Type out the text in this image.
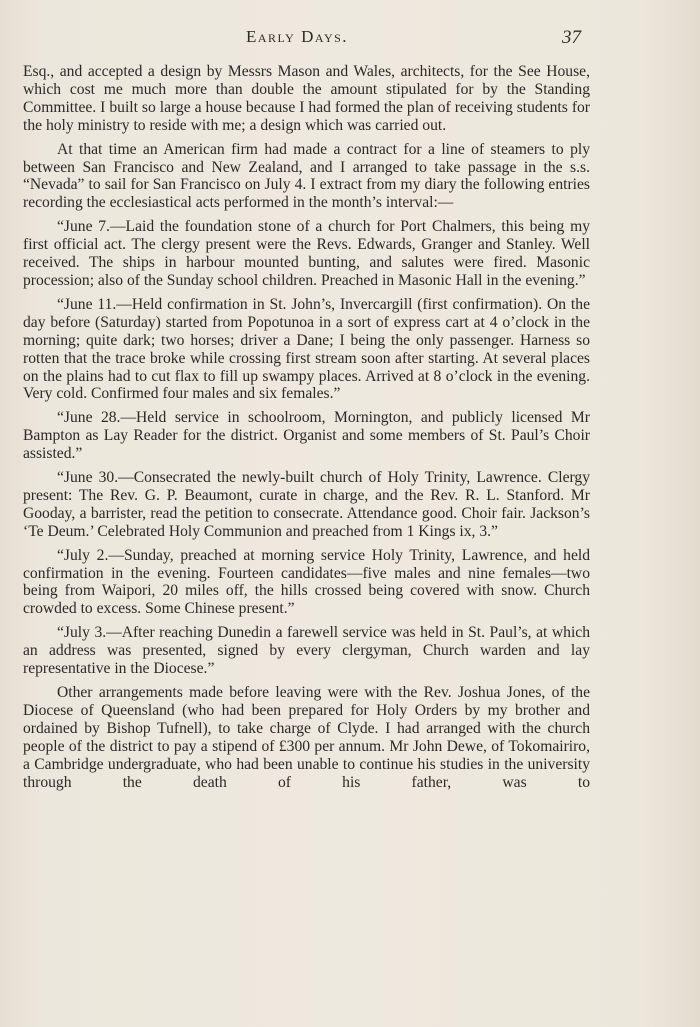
Early Days.	37

Esq., and accepted a design by Messrs Mason and Wales, architects, for the See House, which cost me much more than double the amount stipulated for by the Standing Committee. I built so large a house because I had formed the plan of receiving students for the holy ministry to reside with me; a design which was carried out.

At that time an American firm had made a contract for a line of steamers to ply between San Francisco and New Zealand, and I arranged to take passage in the s.s. “Nevada” to sail for San Francisco on July 4. I extract from my diary the following entries recording the ecclesiastical acts performed in the month’s interval:—

“June 7.—Laid the foundation stone of a church for Port Chalmers, this being my first official act. The clergy present were the Revs. Edwards, Granger and Stanley. Well received. The ships in harbour mounted bunting, and salutes were fired. Masonic procession; also of the Sunday school children. Preached in Masonic Hall in the evening.”

“June 11.—Held confirmation in St. John’s, Invercargill (first confirmation). On the day before (Saturday) started from Popotunoa in a sort of express cart at 4 o’clock in the morning; quite dark; two horses; driver a Dane; I being the only passenger. Harness so rotten that the trace broke while crossing first stream soon after starting. At several places on the plains had to cut flax to fill up swampy places. Arrived at 8 o’clock in the evening. Very cold. Confirmed four males and six females.”

“June 28.—Held service in schoolroom, Mornington, and publicly licensed Mr Bampton as Lay Reader for the district. Organist and some members of St. Paul’s Choir assisted.”

“June 30.—Consecrated the newly-built church of Holy Trinity, Lawrence. Clergy present: The Rev. G. P. Beaumont, curate in charge, and the Rev. R. L. Stanford. Mr Gooday, a barrister, read the petition to consecrate. Attendance good. Choir fair. Jackson’s ‘Te Deum.’ Celebrated Holy Communion and preached from 1 Kings ix, 3.”

“July 2.—Sunday, preached at morning service Holy Trinity, Lawrence, and held confirmation in the evening. Fourteen candidates—five males and nine females—two being from Waipori, 20 miles off, the hills crossed being covered with snow. Church crowded to excess. Some Chinese present.”

“July 3.—After reaching Dunedin a farewell service was held in St. Paul’s, at which an address was presented, signed by every clergyman, Church warden and lay representative in the Diocese.”

Other arrangements made before leaving were with the Rev. Joshua Jones, of the Diocese of Queensland (who had been prepared for Holy Orders by my brother and ordained by Bishop Tufnell), to take charge of Clyde. I had arranged with the church people of the district to pay a stipend of £300 per annum. Mr John Dewe, of Tokomairiro, a Cambridge undergraduate, who had been unable to continue his studies in the university through the death of his father, was to
